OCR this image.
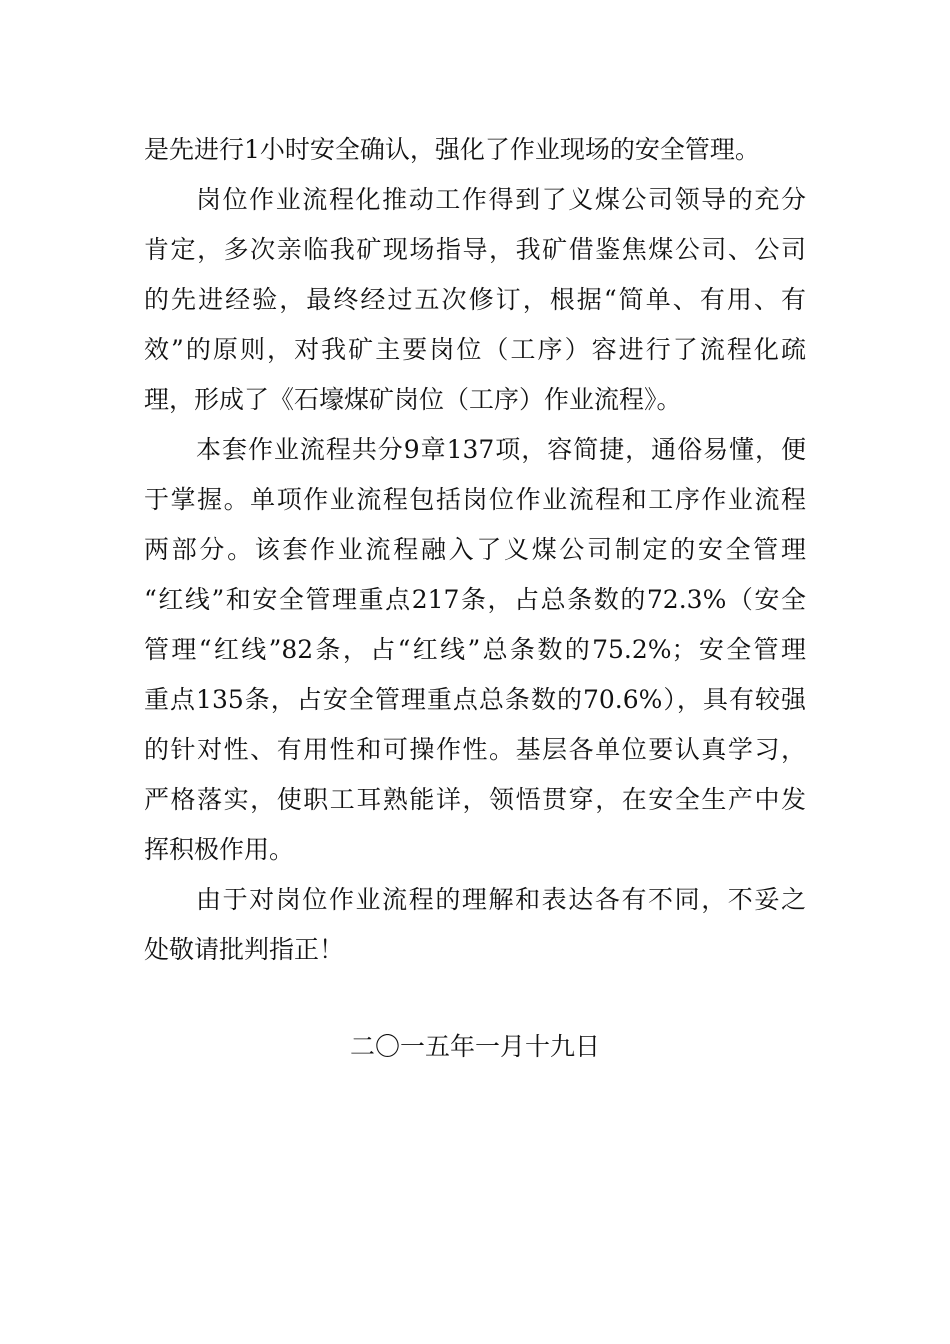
是先进行1小时安全确认，强化了作业现场的安全管理。
岗位作业流程化推动工作得到了义煤公司领导的充分
肯定，多次亲临我矿现场指导，我矿借鉴焦煤公司、公司
的先进经验，最终经过五次修订，根据“简单、有用、有
效”的原则，对我矿主要岗位（工序）容进行了流程化疏
理，形成了《石壕煤矿岗位（工序）作业流程》。
本套作业流程共分9章137项，容简捷，通俗易懂，便
于掌握。单项作业流程包括岗位作业流程和工序作业流程
两部分。该套作业流程融入了义煤公司制定的安全管理
“红线”和安全管理重点217条，占总条数的72.3%（安全
管理“红线”82条，占“红线”总条数的75.2%；安全管理
重点135条，占安全管理重点总条数的70.6%），具有较强
的针对性、有用性和可操作性。基层各单位要认真学习，
严格落实，使职工耳熟能详，领悟贯穿，在安全生产中发
挥积极作用。
由于对岗位作业流程的理解和表达各有不同，不妥之
处敬请批判指正！
二〇一五年一月十九日
